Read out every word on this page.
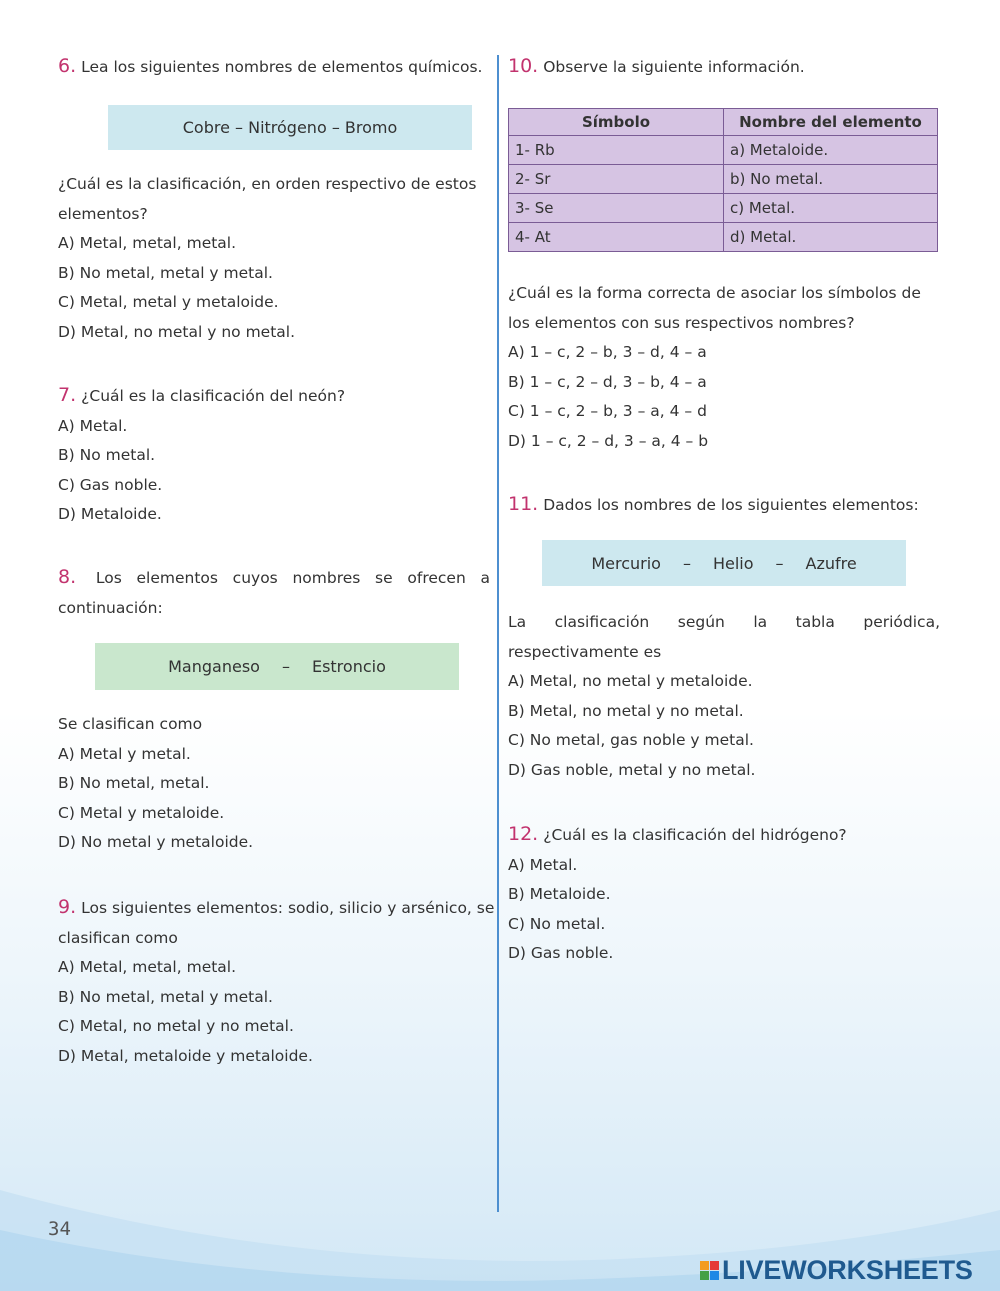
6. Lea los siguientes nombres de elementos químicos.
Cobre – Nitrógeno – Bromo
¿Cuál es la clasificación, en orden respectivo de estos
elementos?
A) Metal, metal, metal.
B) No metal, metal y metal.
C) Metal, metal y metaloide.
D) Metal, no metal y no metal.
7. ¿Cuál es la clasificación del neón?
A) Metal.
B) No metal.
C) Gas noble.
D) Metaloide.
8. Los elementos cuyos nombres se ofrecen a
continuación:
Manganeso – Estroncio
Se clasifican como
A) Metal y metal.
B) No metal, metal.
C) Metal y metaloide.
D) No metal y metaloide.
9. Los siguientes elementos: sodio, silicio y arsénico, se
clasifican como
A) Metal, metal, metal.
B) No metal, metal y metal.
C) Metal, no metal y no metal.
D) Metal, metaloide y metaloide.
10. Observe la siguiente información.
Símbolo	Nombre del elemento
1- Rb	a) Metaloide.
2- Sr	b) No metal.
3- Se	c) Metal.
4- At	d) Metal.
¿Cuál es la forma correcta de asociar los símbolos de
los elementos con sus respectivos nombres?
A) 1 – c, 2 – b, 3 – d, 4 – a
B) 1 – c, 2 – d, 3 – b, 4 – a
C) 1 – c, 2 – b, 3 – a, 4 – d
D) 1 – c, 2 – d, 3 – a, 4 – b
11. Dados los nombres de los siguientes elementos:
Mercurio – Helio – Azufre
La clasificación según la tabla periódica,
respectivamente es
A) Metal, no metal y metaloide.
B) Metal, no metal y no metal.
C) No metal, gas noble y metal.
D) Gas noble, metal y no metal.
12. ¿Cuál es la clasificación del hidrógeno?
A) Metal.
B) Metaloide.
C) No metal.
D) Gas noble.
34
LIVEWORKSHEETS
